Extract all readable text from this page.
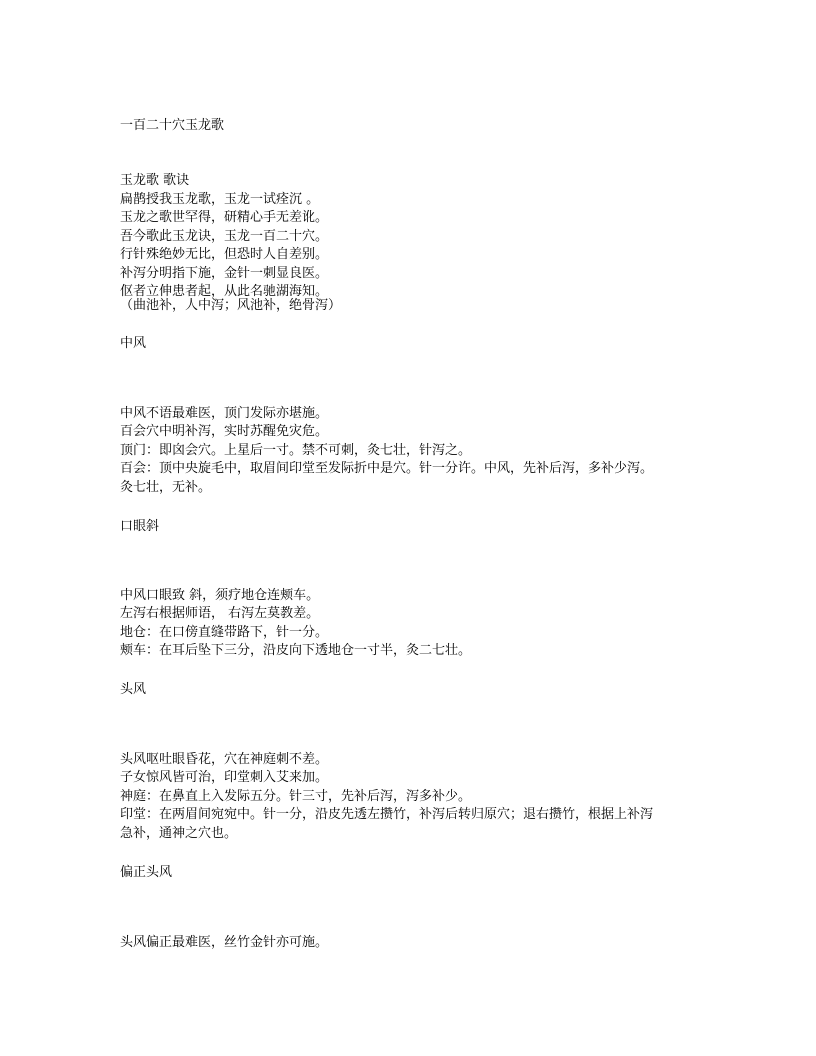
一百二十穴玉龙歌
玉龙歌 歌诀
扁鹊授我玉龙歌，玉龙一试痊沉 。
玉龙之歌世罕得，研精心手无差讹。
吾今歌此玉龙诀，玉龙一百二十穴。
行针殊绝妙无比，但恐时人自差别。
补泻分明指下施，金针一刺显良医。
伛者立伸患者起，从此名驰湖海知。
（曲池补，人中泻；风池补，绝骨泻）
中风
中风不语最难医，顶门发际亦堪施。
百会穴中明补泻，实时苏醒免灾危。
顶门：即囟会穴。上星后一寸。禁不可刺，灸七壮，针泻之。
百会：顶中央旋毛中，取眉间印堂至发际折中是穴。针一分许。中风，先补后泻，多补少泻。
灸七壮，无补。
口眼斜
中风口眼致 斜，须疗地仓连颊车。
左泻右根据师语， 右泻左莫教差。
地仓：在口傍直缝带路下，针一分。
颊车：在耳后坠下三分，沿皮向下透地仓一寸半，灸二七壮。
头风
头风呕吐眼昏花，穴在神庭刺不差。
子女惊风皆可治，印堂刺入艾来加。
神庭：在鼻直上入发际五分。针三寸，先补后泻，泻多补少。
印堂：在两眉间宛宛中。针一分，沿皮先透左攒竹，补泻后转归原穴；退右攒竹，根据上补泻
急补，通神之穴也。
偏正头风
头风偏正最难医，丝竹金针亦可施。
